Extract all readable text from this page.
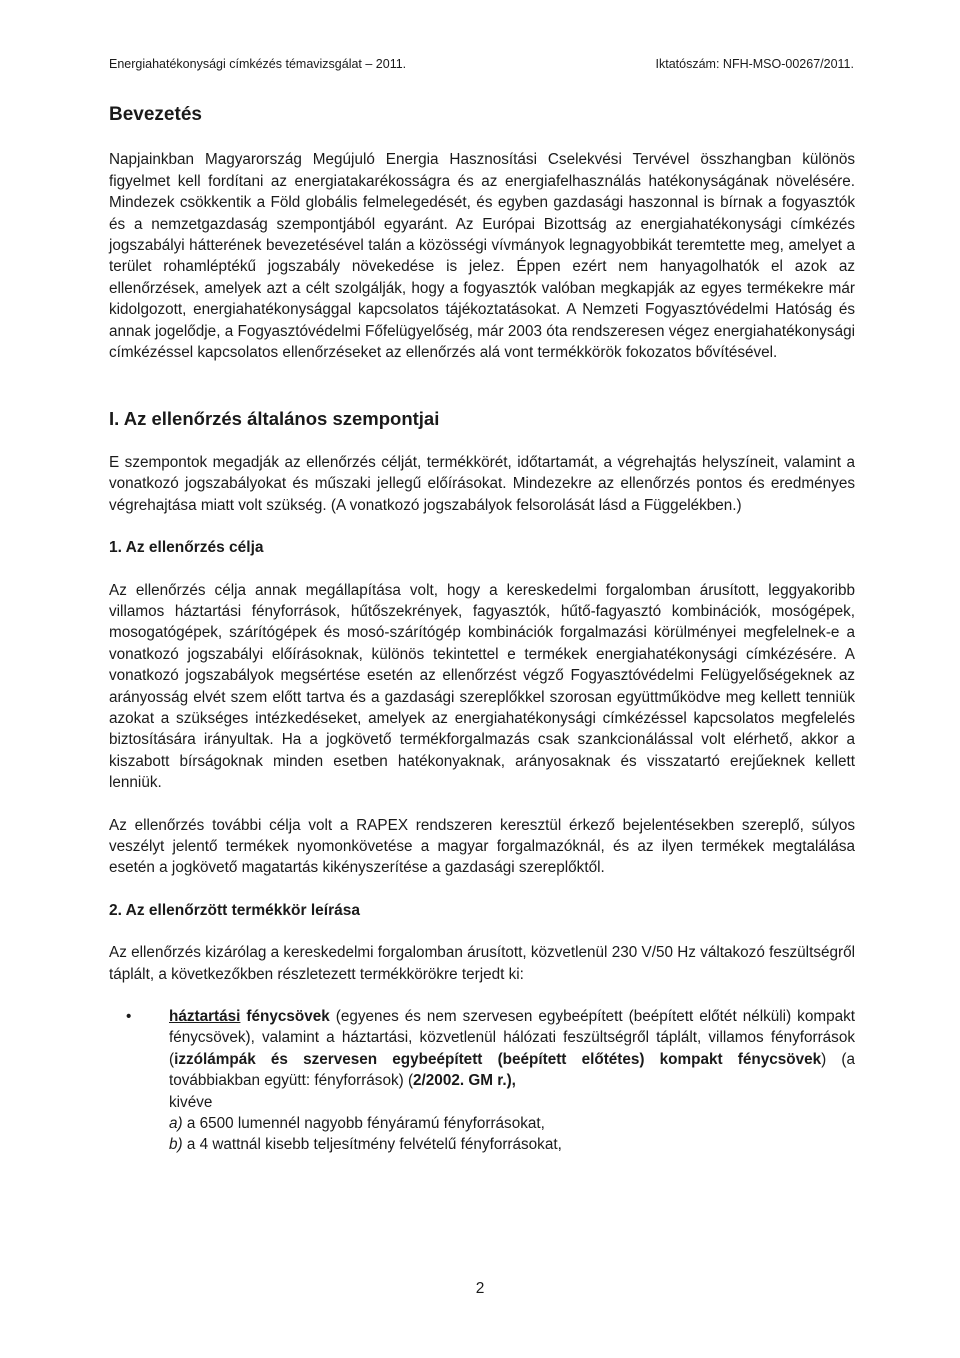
Energiahatékonysági címkézés témavizsgálat – 2011.	Iktatószám: NFH-MSO-00267/2011.
Bevezetés

Napjainkban Magyarország Megújuló Energia Hasznosítási Cselekvési Tervével összhangban különös figyelmet kell fordítani az energiatakarékosságra és az energiafelhasználás hatékonyságának növelésére. Mindezek csökkentik a Föld globális felmelegedését, és egyben gazdasági haszonnal is bírnak a fogyasztók és a nemzetgazdaság szempontjából egyaránt. Az Európai Bizottság az energiahatékonysági címkézés jogszabályi hátterének bevezetésével talán a közösségi vívmányok legnagyobbikát teremtette meg, amelyet a terület rohamléptékű jogszabály növekedése is jelez. Éppen ezért nem hanyagolhatók el azok az ellenőrzések, amelyek azt a célt szolgálják, hogy a fogyasztók valóban megkapják az egyes termékekre már kidolgozott, energiahatékonysággal kapcsolatos tájékoztatásokat. A Nemzeti Fogyasztóvédelmi Hatóság és annak jogelődje, a Fogyasztóvédelmi Főfelügyelőség, már 2003 óta rendszeresen végez energiahatékonysági címkézéssel kapcsolatos ellenőrzéseket az ellenőrzés alá vont termékkörök fokozatos bővítésével.

I. Az ellenőrzés általános szempontjai

E szempontok megadják az ellenőrzés célját, termékkörét, időtartamát, a végrehajtás helyszíneit, valamint a vonatkozó jogszabályokat és műszaki jellegű előírásokat. Mindezekre az ellenőrzés pontos és eredményes végrehajtása miatt volt szükség. (A vonatkozó jogszabályok felsorolását lásd a Függelékben.)

1. Az ellenőrzés célja

Az ellenőrzés célja annak megállapítása volt, hogy a kereskedelmi forgalomban árusított, leggyakoribb villamos háztartási fényforrások, hűtőszekrények, fagyasztók, hűtő-fagyasztó kombinációk, mosógépek, mosogatógépek, szárítógépek és mosó-szárítógép kombinációk forgalmazási körülményei megfelelnek-e a vonatkozó jogszabályi előírásoknak, különös tekintettel e termékek energiahatékonysági címkézésére. A vonatkozó jogszabályok megsértése esetén az ellenőrzést végző Fogyasztóvédelmi Felügyelőségeknek az arányosság elvét szem előtt tartva és a gazdasági szereplőkkel szorosan együttműködve meg kellett tenniük azokat a szükséges intézkedéseket, amelyek az energiahatékonysági címkézéssel kapcsolatos megfelelés biztosítására irányultak. Ha a jogkövető termékforgalmazás csak szankcionálással volt elérhető, akkor a kiszabott bírságoknak minden esetben hatékonyaknak, arányosaknak és visszatartó erejűeknek kellett lenniük.

Az ellenőrzés további célja volt a RAPEX rendszeren keresztül érkező bejelentésekben szereplő, súlyos veszélyt jelentő termékek nyomonkövetése a magyar forgalmazóknál, és az ilyen termékek megtalálása esetén a jogkövető magatartás kikényszerítése a gazdasági szereplőktől.

2. Az ellenőrzött termékkör leírása

Az ellenőrzés kizárólag a kereskedelmi forgalomban árusított, közvetlenül 230 V/50 Hz váltakozó feszültségről táplált, a következőkben részletezett termékkörökre terjedt ki:

• háztartási fénycsövek (egyenes és nem szervesen egybeépített (beépített előtét nélküli) kompakt fénycsövek), valamint a háztartási, közvetlenül hálózati feszültségről táplált, villamos fényforrások (izzólámpák és szervesen egybeépített (beépített előtétes) kompakt fénycsövek) (a továbbiakban együtt: fényforrások) (2/2002. GM r.),

kivéve
a) a 6500 lumennél nagyobb fényáramú fényforrásokat,
b) a 4 wattnál kisebb teljesítmény felvételű fényforrásokat,
2
